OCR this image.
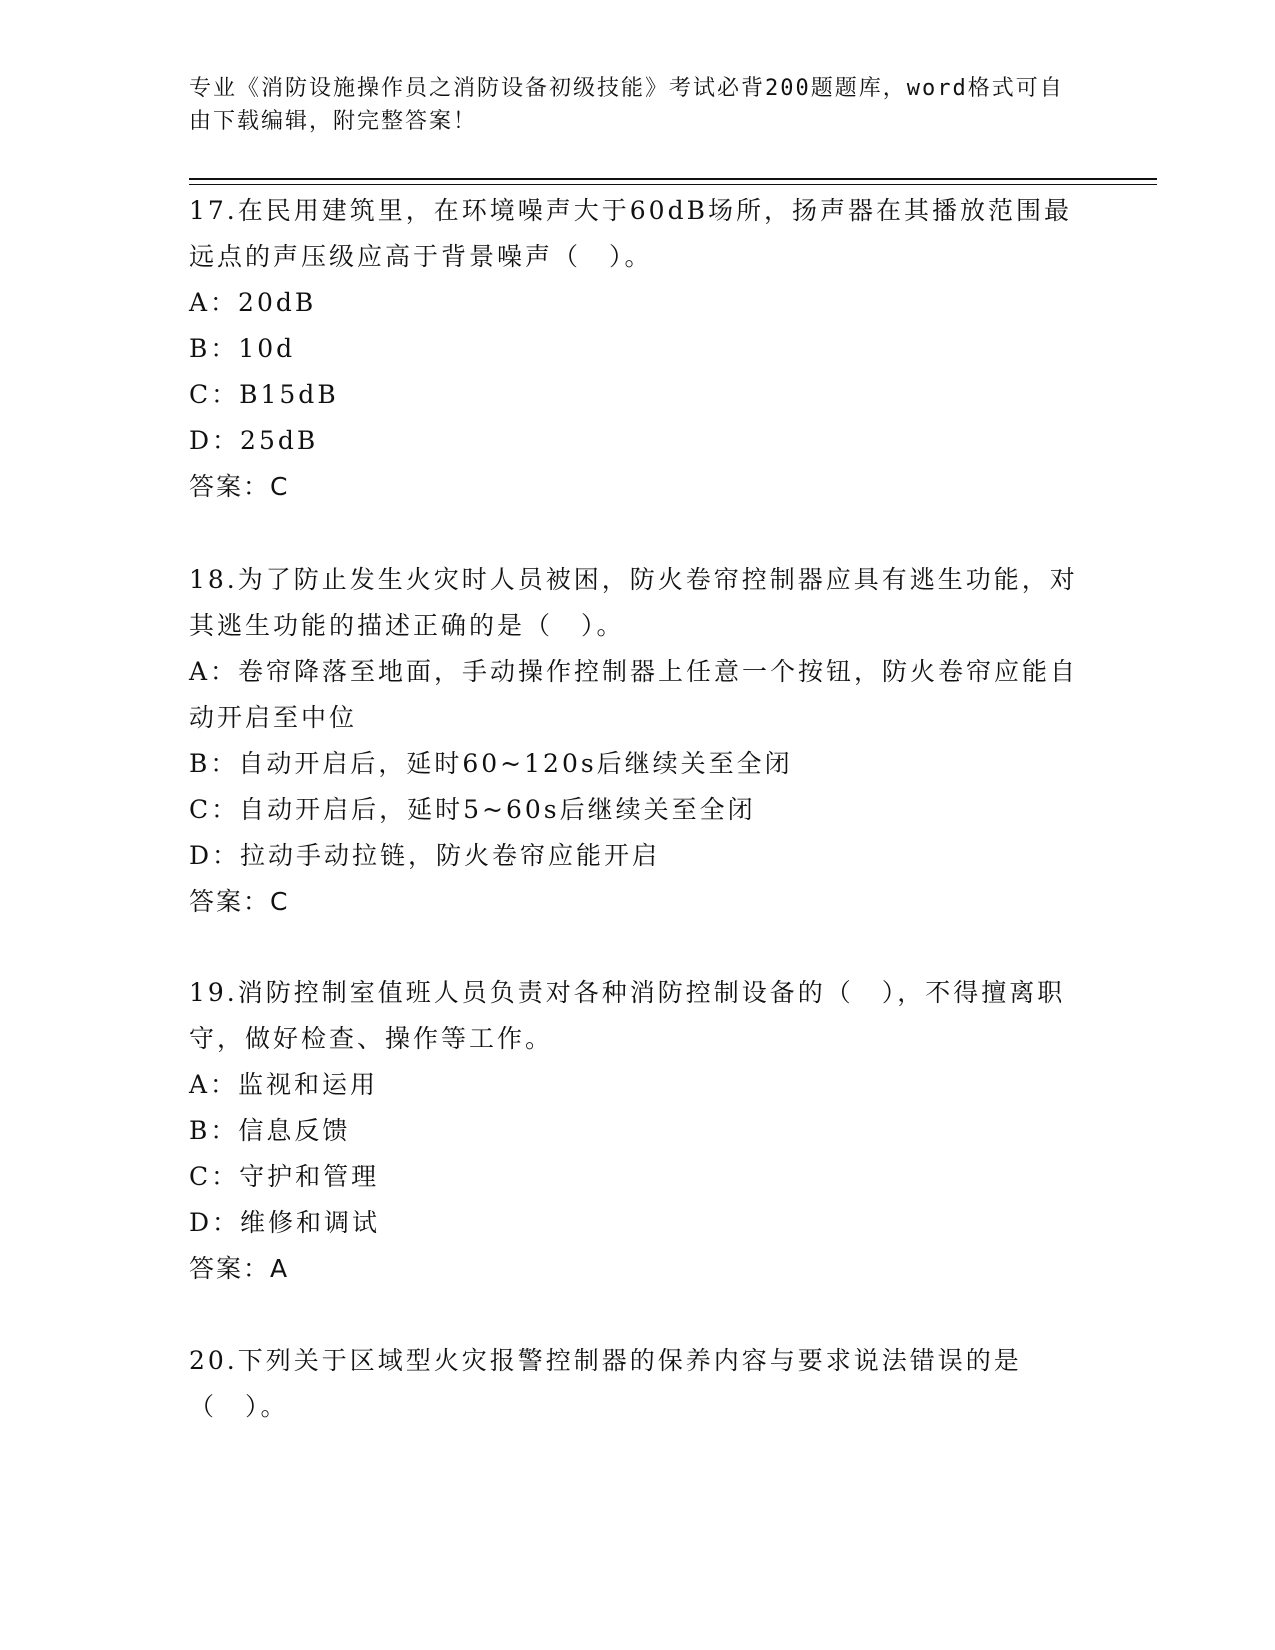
专业《消防设施操作员之消防设备初级技能》考试必背200题题库，word格式可自由下载编辑，附完整答案！

17.在民用建筑里，在环境噪声大于60dB场所，扬声器在其播放范围最远点的声压级应高于背景噪声（　）。

A：20dB

B：10d

C：B15dB

D：25dB

答案：C

18.为了防止发生火灾时人员被困，防火卷帘控制器应具有逃生功能，对其逃生功能的描述正确的是（　）。

A：卷帘降落至地面，手动操作控制器上任意一个按钮，防火卷帘应能自动开启至中位

B：自动开启后，延时60~120s后继续关至全闭

C：自动开启后，延时5~60s后继续关至全闭

D：拉动手动拉链，防火卷帘应能开启

答案：C

19.消防控制室值班人员负责对各种消防控制设备的（　），不得擅离职守，做好检查、操作等工作。

A：监视和运用

B：信息反馈

C：守护和管理

D：维修和调试

答案：A

20.下列关于区域型火灾报警控制器的保养内容与要求说法错误的是（　）。
